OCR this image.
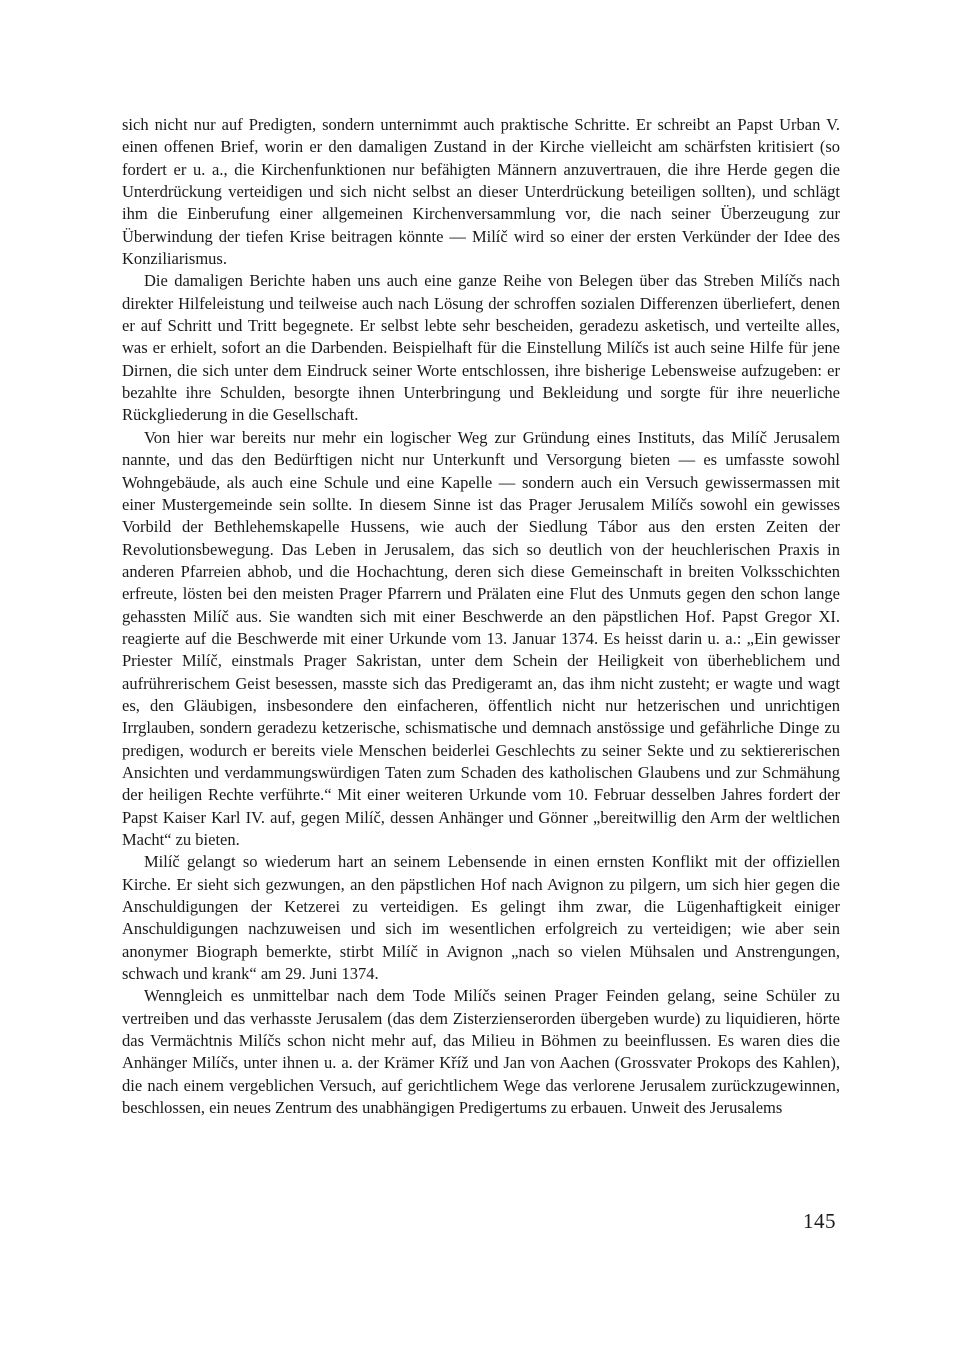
sich nicht nur auf Predigten, sondern unternimmt auch praktische Schritte. Er schreibt an Papst Urban V. einen offenen Brief, worin er den damaligen Zustand in der Kirche vielleicht am schärfsten kritisiert (so fordert er u. a., die Kirchenfunktionen nur befähigten Männern anzuvertrauen, die ihre Herde gegen die Unterdrückung verteidigen und sich nicht selbst an dieser Unterdrückung beteiligen sollten), und schlägt ihm die Einberufung einer allgemeinen Kirchenversammlung vor, die nach seiner Überzeugung zur Überwindung der tiefen Krise beitragen könnte — Milíč wird so einer der ersten Verkünder der Idee des Konziliarismus.

Die damaligen Berichte haben uns auch eine ganze Reihe von Belegen über das Streben Milíčs nach direkter Hilfeleistung und teilweise auch nach Lösung der schroffen sozialen Differenzen überliefert, denen er auf Schritt und Tritt begegnete. Er selbst lebte sehr bescheiden, geradezu asketisch, und verteilte alles, was er erhielt, sofort an die Darbenden. Beispielhaft für die Einstellung Milíčs ist auch seine Hilfe für jene Dirnen, die sich unter dem Eindruck seiner Worte entschlossen, ihre bisherige Lebensweise aufzugeben: er bezahlte ihre Schulden, besorgte ihnen Unterbringung und Bekleidung und sorgte für ihre neuerliche Rückgliederung in die Gesellschaft.

Von hier war bereits nur mehr ein logischer Weg zur Gründung eines Instituts, das Milíč Jerusalem nannte, und das den Bedürftigen nicht nur Unterkunft und Versorgung bieten — es umfasste sowohl Wohngebäude, als auch eine Schule und eine Kapelle — sondern auch ein Versuch gewissermassen mit einer Mustergemeinde sein sollte. In diesem Sinne ist das Prager Jerusalem Milíčs sowohl ein gewisses Vorbild der Bethlehemskapelle Hussens, wie auch der Siedlung Tábor aus den ersten Zeiten der Revolutionsbewegung. Das Leben in Jerusalem, das sich so deutlich von der heuchlerischen Praxis in anderen Pfarreien abhob, und die Hochachtung, deren sich diese Gemeinschaft in breiten Volksschichten erfreute, lösten bei den meisten Prager Pfarrern und Prälaten eine Flut des Unmuts gegen den schon lange gehassten Milíč aus. Sie wandten sich mit einer Beschwerde an den päpstlichen Hof. Papst Gregor XI. reagierte auf die Beschwerde mit einer Urkunde vom 13. Januar 1374. Es heisst darin u. a.: „Ein gewisser Priester Milíč, einstmals Prager Sakristan, unter dem Schein der Heiligkeit von überheblichem und aufrührerischem Geist besessen, masste sich das Predigeramt an, das ihm nicht zusteht; er wagte und wagt es, den Gläubigen, insbesondere den einfacheren, öffentlich nicht nur hetzerischen und unrichtigen Irrglauben, sondern geradezu ketzerische, schismatische und demnach anstössige und gefährliche Dinge zu predigen, wodurch er bereits viele Menschen beiderlei Geschlechts zu seiner Sekte und zu sektiererischen Ansichten und verdammungswürdigen Taten zum Schaden des katholischen Glaubens und zur Schmähung der heiligen Rechte verführte.“ Mit einer weiteren Urkunde vom 10. Februar desselben Jahres fordert der Papst Kaiser Karl IV. auf, gegen Milíč, dessen Anhänger und Gönner „bereitwillig den Arm der weltlichen Macht“ zu bieten.

Milíč gelangt so wiederum hart an seinem Lebensende in einen ernsten Konflikt mit der offiziellen Kirche. Er sieht sich gezwungen, an den päpstlichen Hof nach Avignon zu pilgern, um sich hier gegen die Anschuldigungen der Ketzerei zu verteidigen. Es gelingt ihm zwar, die Lügenhaftigkeit einiger Anschuldigungen nachzuweisen und sich im wesentlichen erfolgreich zu verteidigen; wie aber sein anonymer Biograph bemerkte, stirbt Milíč in Avignon „nach so vielen Mühsalen und Anstrengungen, schwach und krank“ am 29. Juni 1374.

Wenngleich es unmittelbar nach dem Tode Milíčs seinen Prager Feinden gelang, seine Schüler zu vertreiben und das verhasste Jerusalem (das dem Zisterzienserorden übergeben wurde) zu liquidieren, hörte das Vermächtnis Milíčs schon nicht mehr auf, das Milieu in Böhmen zu beeinflussen. Es waren dies die Anhänger Milíčs, unter ihnen u. a. der Krämer Kříž und Jan von Aachen (Grossvater Prokops des Kahlen), die nach einem vergeblichen Versuch, auf gerichtlichem Wege das verlorene Jerusalem zurückzugewinnen, beschlossen, ein neues Zentrum des unabhängigen Predigertums zu erbauen. Unweit des Jerusalems

145
